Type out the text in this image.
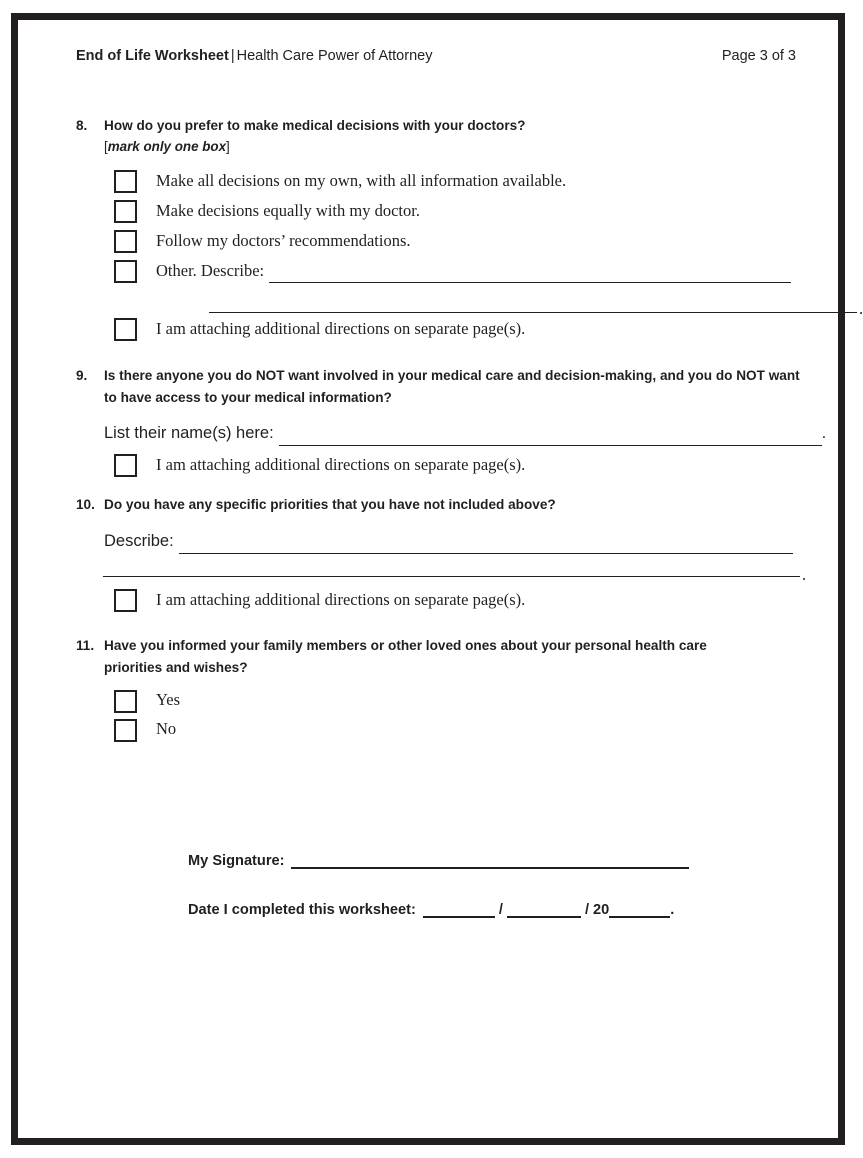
End of Life Worksheet | Health Care Power of Attorney	Page 3 of 3
8.	How do you prefer to make medical decisions with your doctors?
[mark only one box]
Make all decisions on my own, with all information available.
Make decisions equally with my doctor.
Follow my doctors’ recommendations.
Other. Describe:
.
I am attaching additional directions on separate page(s).
9.	Is there anyone you do NOT want involved in your medical care and decision-making, and you do NOT want to have access to your medical information?
List their name(s) here:	.
I am attaching additional directions on separate page(s).
10. Do you have any specific priorities that you have not included above?
Describe:
.
I am attaching additional directions on separate page(s).
11. Have you informed your family members or other loved ones about your personal health care priorities and wishes?
Yes
No
My Signature:
Date I completed this worksheet:	/	/ 20	.
